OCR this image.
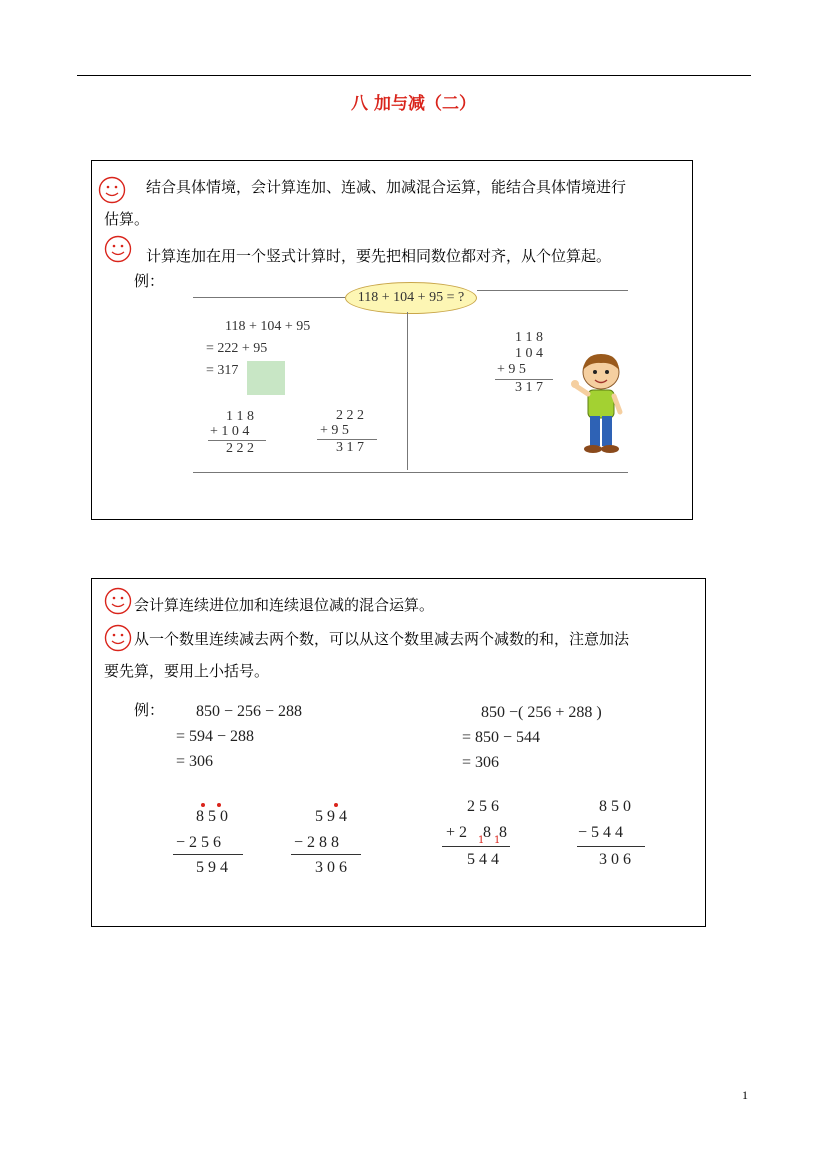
八 加与减（二）
结合具体情境，会计算连加、连减、加减混合运算，能结合具体情境进行
估算。
计算连加在用一个竖式计算时，要先把相同数位都对齐，从个位算起。
例：
118 + 104 + 95 = ?
118 + 104 + 95
= 222 + 95
= 317
1 1 8
+ 1 0 4
2 2 2
2 2 2
+ 9 5
3 1 7
1 1 8
1 0 4
+ 9 5
3 1 7
会计算连续进位加和连续退位减的混合运算。
从一个数里连续减去两个数，可以从这个数里减去两个减数的和，注意加法
要先算，要用上小括号。
例： 850 − 256 − 288
= 594 − 288
= 306
850 −( 256 + 288 )
= 850 − 544
= 306
8 5 0
− 2 5 6
5 9 4
5 9 4
− 2 8 8
3 0 6
2 5 6
+ 2 8 8
1 1
5 4 4
8 5 0
− 5 4 4
3 0 6
1
